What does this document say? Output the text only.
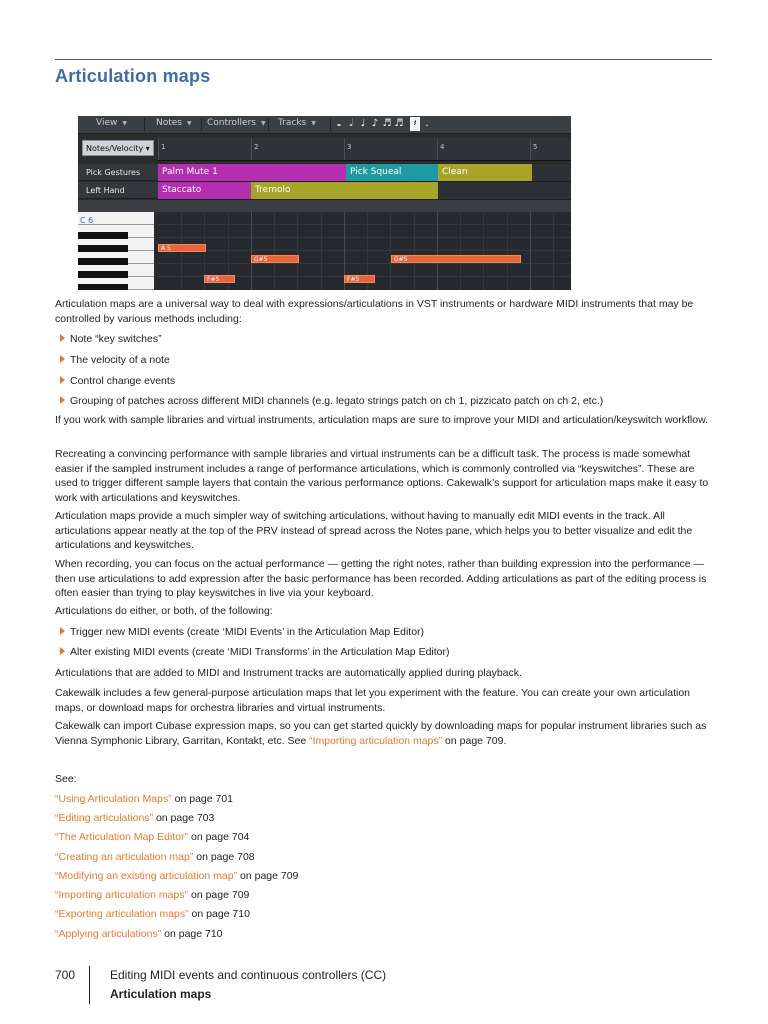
Articulation maps
View ▼	Notes ▼ Controllers ▼ Tracks ▼	𝅝 𝅗𝅥 ♩ ♪ ♬ ♬ 𝄽 .
Notes/Velocity ▾	1	2	3	4	5
Pick Gestures	Palm Mute 1	Pick Squeal	Clean
Left Hand	Staccato	Tremolo
C 6
A 5
G#5	G#5
F#5	F#5
Articulation maps are a universal way to deal with expressions/articulations in VST instruments or hardware MIDI instruments that may be controlled by various methods including:
Note “key switches”
The velocity of a note
Control change events
Grouping of patches across different MIDI channels (e.g. legato strings patch on ch 1, pizzicato patch on ch 2, etc.)
If you work with sample libraries and virtual instruments, articulation maps are sure to improve your MIDI and articulation/keyswitch workflow.
Recreating a convincing performance with sample libraries and virtual instruments can be a difficult task. The process is made somewhat easier if the sampled instrument includes a range of performance articulations, which is commonly controlled via “keyswitches”. These are used to trigger different sample layers that contain the various performance options. Cakewalk’s support for articulation maps make it easy to work with articulations and keyswitches.
Articulation maps provide a much simpler way of switching articulations, without having to manually edit MIDI events in the track. All articulations appear neatly at the top of the PRV instead of spread across the Notes pane, which helps you to better visualize and edit the articulations and keyswitches.
When recording, you can focus on the actual performance — getting the right notes, rather than building expression into the performance — then use articulations to add expression after the basic performance has been recorded. Adding articulations as part of the editing process is often easier than trying to play keyswitches in live via your keyboard.
Articulations do either, or both, of the following:
Trigger new MIDI events (create ‘MIDI Events’ in the Articulation Map Editor)
Alter existing MIDI events (create ‘MIDI Transforms’ in the Articulation Map Editor)
Articulations that are added to MIDI and Instrument tracks are automatically applied during playback.
Cakewalk includes a few general-purpose articulation maps that let you experiment with the feature. You can create your own articulation maps, or download maps for orchestra libraries and virtual instruments.
Cakewalk can import Cubase expression maps, so you can get started quickly by downloading maps for popular instrument libraries such as Vienna Symphonic Library, Garritan, Kontakt, etc. See “Importing articulation maps” on page 709.
See:
“Using Articulation Maps” on page 701
“Editing articulations” on page 703
“The Articulation Map Editor” on page 704
“Creating an articulation map” on page 708
“Modifying an existing articulation map” on page 709
“Importing articulation maps” on page 709
“Exporting articulation maps” on page 710
“Applying articulations” on page 710
700	Editing MIDI events and continuous controllers (CC)
Articulation maps
